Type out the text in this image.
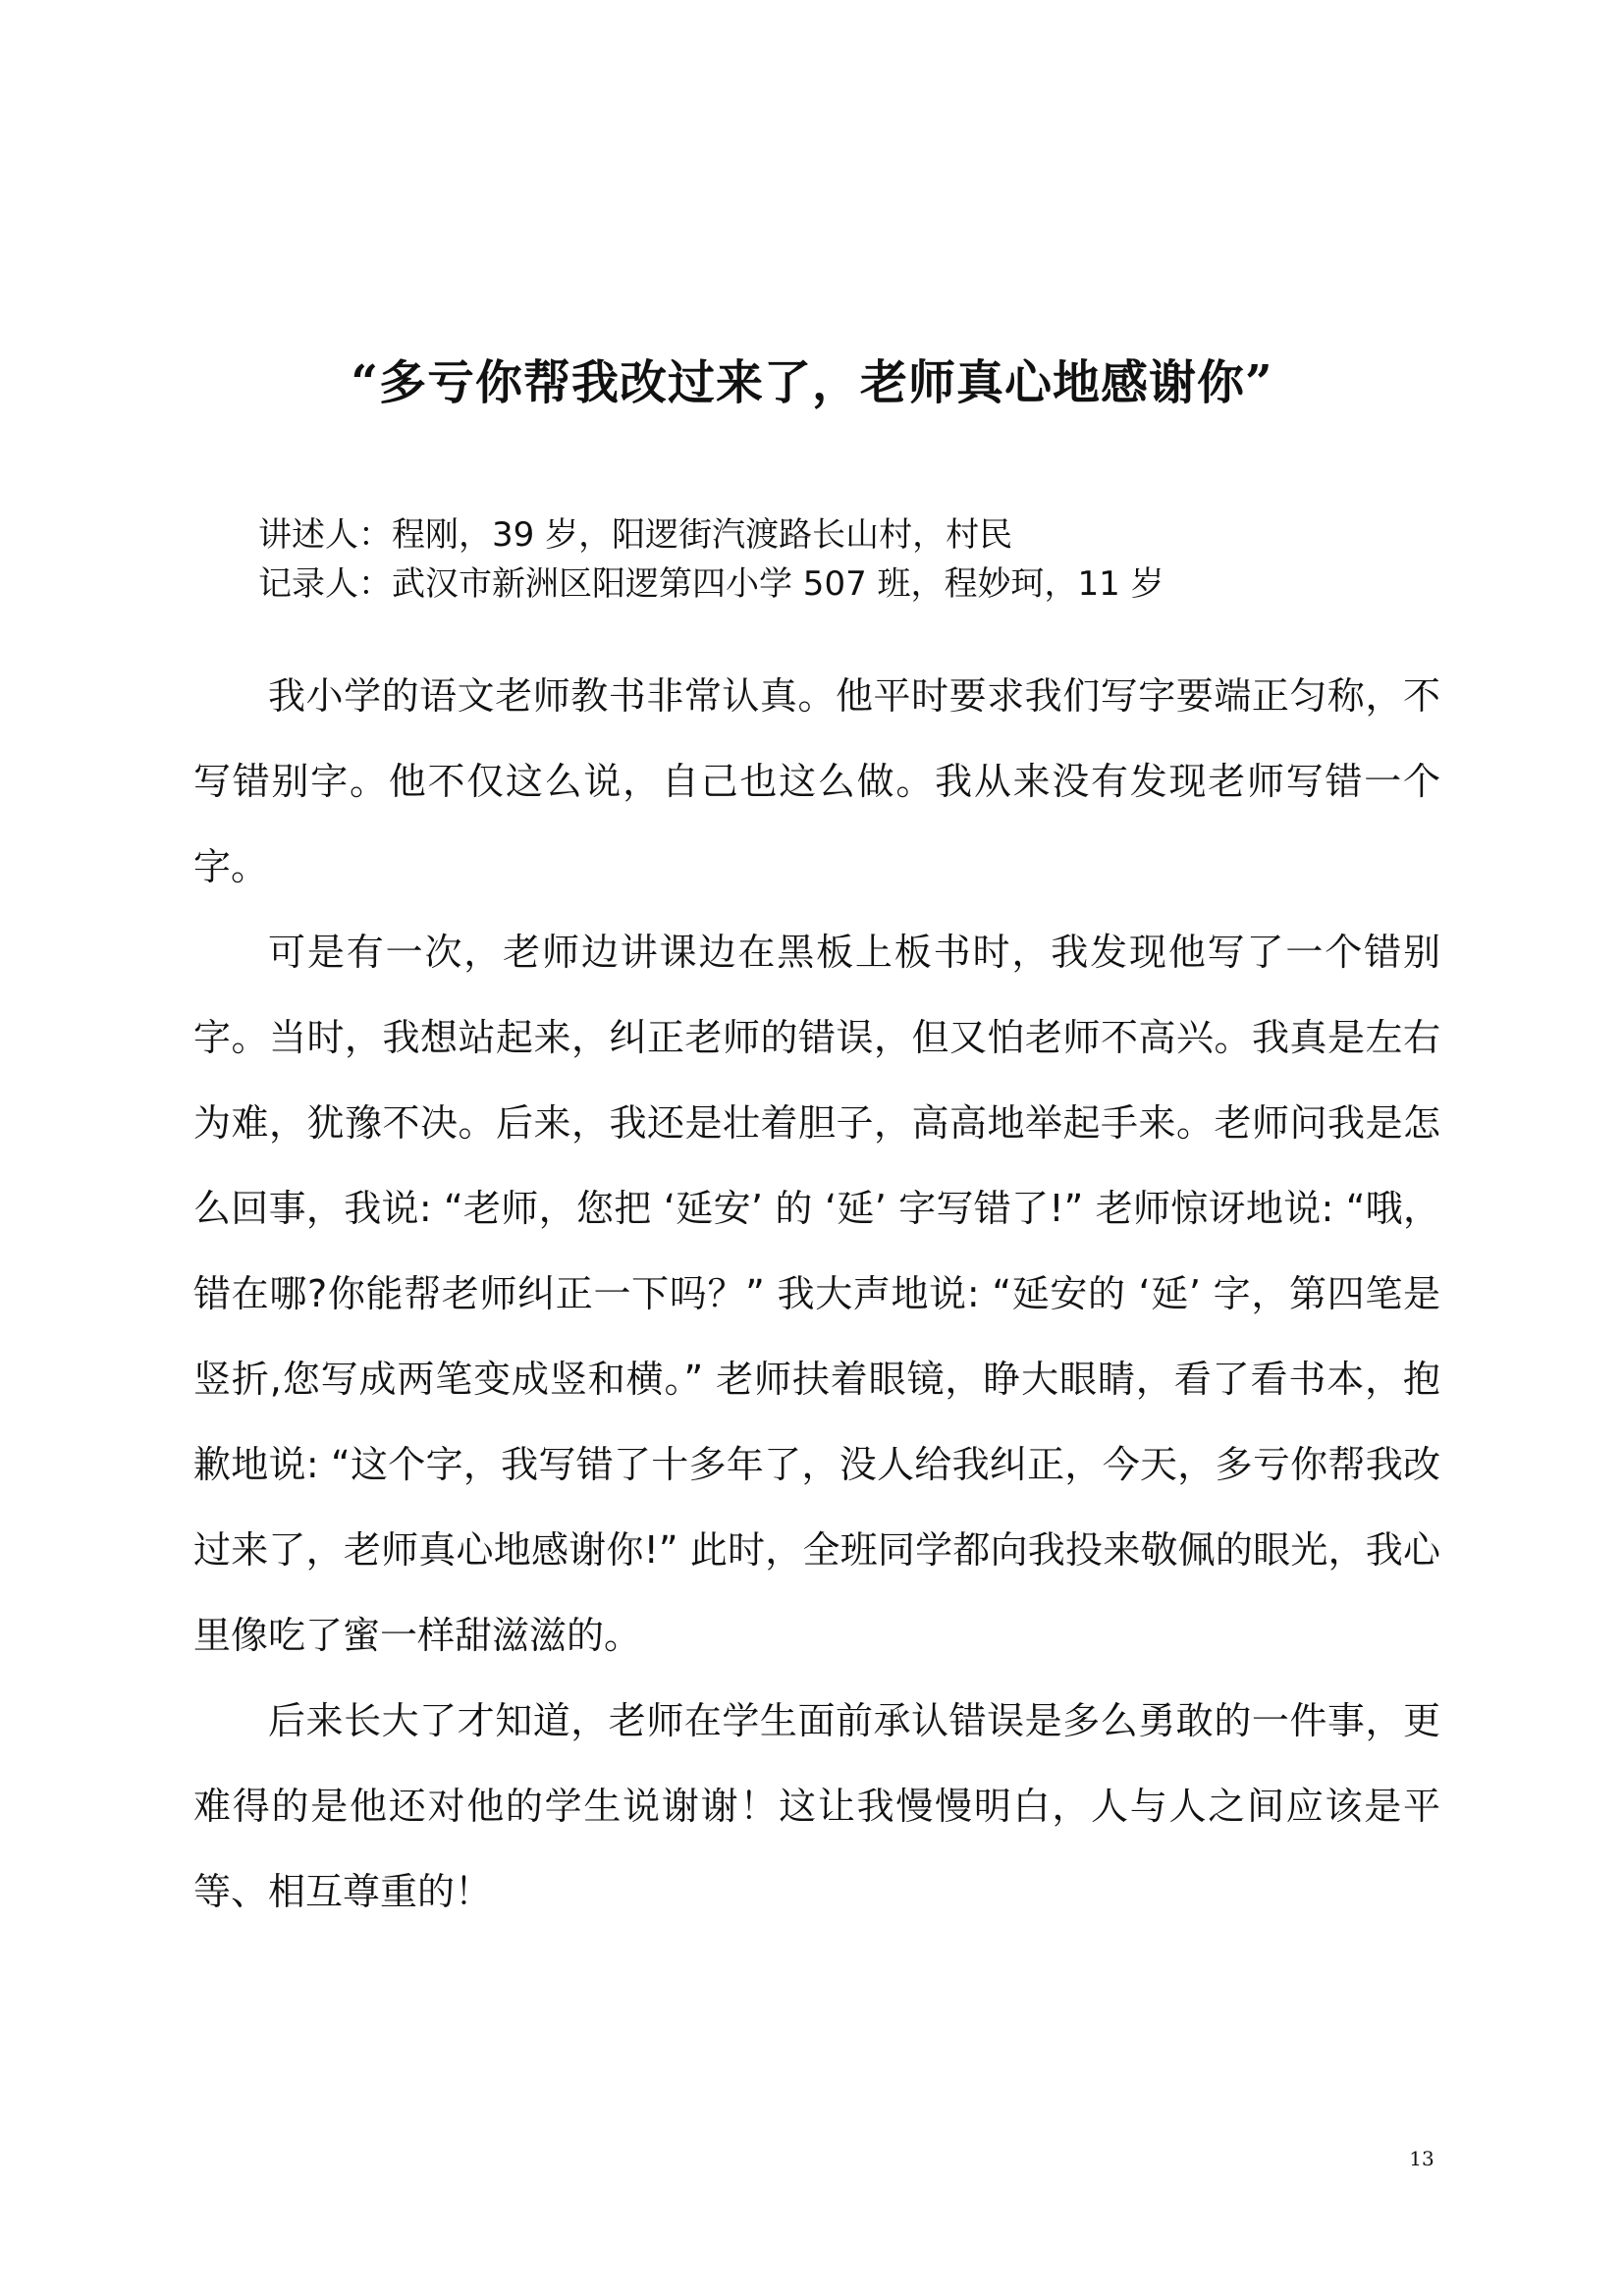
“多亏你帮我改过来了，老师真心地感谢你”
讲述人：程刚，39 岁，阳逻街汽渡路长山村，村民
记录人：武汉市新洲区阳逻第四小学 507 班，程妙珂，11 岁

我小学的语文老师教书非常认真。他平时要求我们写字要端正匀称，不写错别字。他不仅这么说，自己也这么做。我从来没有发现老师写错一个字。

可是有一次，老师边讲课边在黑板上板书时，我发现他写了一个错别字。当时，我想站起来，纠正老师的错误，但又怕老师不高兴。我真是左右为难，犹豫不决。后来，我还是壮着胆子，高高地举起手来。老师问我是怎么回事，我说: “老师，您把 ‘延安’ 的 ‘延’ 字写错了!” 老师惊讶地说: “哦，错在哪?你能帮老师纠正一下吗？” 我大声地说: “延安的 ‘延’ 字，第四笔是竖折,您写成两笔变成竖和横。” 老师扶着眼镜，睁大眼睛，看了看书本，抱歉地说: “这个字，我写错了十多年了，没人给我纠正，今天，多亏你帮我改过来了，老师真心地感谢你!” 此时，全班同学都向我投来敬佩的眼光，我心里像吃了蜜一样甜滋滋的。

后来长大了才知道，老师在学生面前承认错误是多么勇敢的一件事，更难得的是他还对他的学生说谢谢！这让我慢慢明白，人与人之间应该是平等、相互尊重的！

13
